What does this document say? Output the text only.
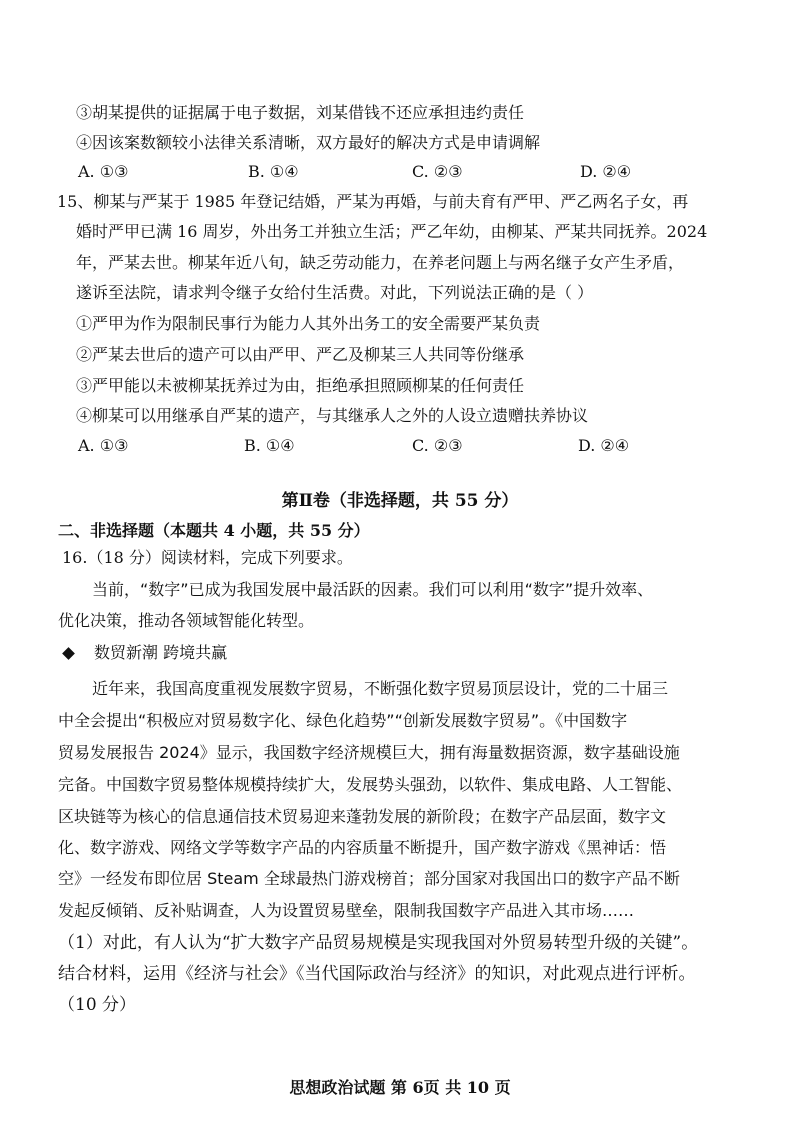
③胡某提供的证据属于电子数据，刘某借钱不还应承担违约责任
④因该案数额较小法律关系清晰，双方最好的解决方式是申请调解
A. ①③	B. ①④	C. ②③	D. ②④
15、柳某与严某于 1985 年登记结婚，严某为再婚，与前夫育有严甲、严乙两名子女，再
婚时严甲已满 16 周岁，外出务工并独立生活；严乙年幼，由柳某、严某共同抚养。2024
年，严某去世。柳某年近八旬，缺乏劳动能力，在养老问题上与两名继子女产生矛盾，
遂诉至法院，请求判令继子女给付生活费。对此，下列说法正确的是（ ）
①严甲为作为限制民事行为能力人其外出务工的安全需要严某负责
②严某去世后的遗产可以由严甲、严乙及柳某三人共同等份继承
③严甲能以未被柳某抚养过为由，拒绝承担照顾柳某的任何责任
④柳某可以用继承自严某的遗产，与其继承人之外的人设立遗赠扶养协议
A. ①③	B. ①④	C. ②③	D. ②④
第Ⅱ卷（非选择题，共 55 分）
二、非选择题（本题共 4 小题，共 55 分）
16.（18 分）阅读材料，完成下列要求。
当前，“数字”已成为我国发展中最活跃的因素。我们可以利用“数字”提升效率、
优化决策，推动各领域智能化转型。
数贸新潮 跨境共赢
近年来，我国高度重视发展数字贸易，不断强化数字贸易顶层设计，党的二十届三
中全会提出“积极应对贸易数字化、绿色化趋势”“创新发展数字贸易”。《中国数字
贸易发展报告 2024》显示，我国数字经济规模巨大，拥有海量数据资源，数字基础设施
完备。中国数字贸易整体规模持续扩大，发展势头强劲，以软件、集成电路、人工智能、
区块链等为核心的信息通信技术贸易迎来蓬勃发展的新阶段；在数字产品层面，数字文
化、数字游戏、网络文学等数字产品的内容质量不断提升，国产数字游戏《黑神话：悟
空》一经发布即位居 Steam 全球最热门游戏榜首；部分国家对我国出口的数字产品不断
发起反倾销、反补贴调查，人为设置贸易壁垒，限制我国数字产品进入其市场……
（1）对此，有人认为“扩大数字产品贸易规模是实现我国对外贸易转型升级的关键”。
结合材料，运用《经济与社会》《当代国际政治与经济》的知识，对此观点进行评析。
（10 分）
思想政治试题 第 6页 共 10 页
